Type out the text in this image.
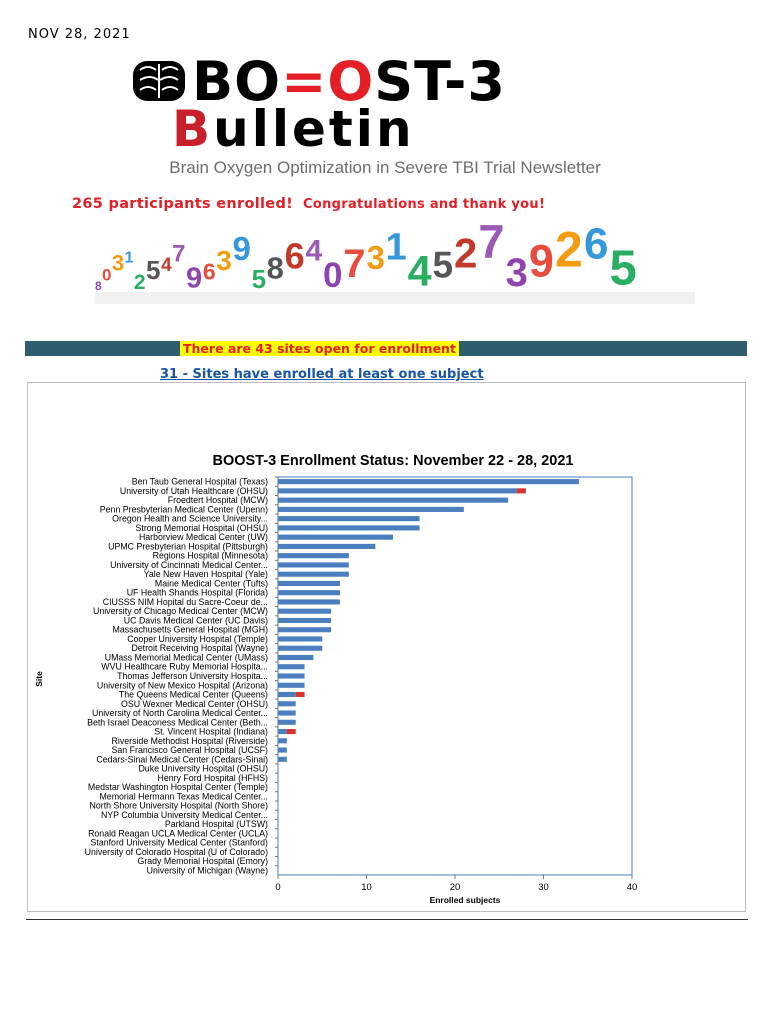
NOV 28, 2021
BO=OST-3
Bulletin
Brain Oxygen Optimization in Severe TBI Trial Newsletter
265 participants enrolled! Congratulations and thank you!
8
0 3 1
2 5 4 7
9 6 3 9
5 8 6 4
0 7 3 1
4 5 2 7
3 9 2 6 5
There are 43 sites open for enrollment
31 - Sites have enrolled at least one subject
BOOST-3 Enrollment Status: November 22 - 28, 2021
Ben Taub General Hospital (Texas)
University of Utah Healthcare (OHSU)
Froedtert Hospital (MCW)
Penn Presbyterian Medical Center (Upenn)
Oregon Health and Science University...
Strong Memorial Hospital (OHSU)
Harborview Medical Center (UW)
UPMC Presbyterian Hospital (Pittsburgh)
Regions Hospital (Minnesota)
University of Cincinnati Medical Center...
Yale New Haven Hospital (Yale)
Maine Medical Center (Tufts)
UF Health Shands Hospital (Florida)
CIUSSS NIM Hopital du Sacre-Coeur de...
University of Chicago Medical Center (MCW)
UC Davis Medical Center (UC Davis)
Massachusetts General Hospital (MGH)
Cooper University Hospital (Temple)
Detroit Receiving Hospital (Wayne)
UMass Memorial Medical Center (UMass)
WVU Healthcare Ruby Memorial Hospita...
Thomas Jefferson University Hospita...
University of New Mexico Hospital (Arizona)
The Queens Medical Center (Queens)
OSU Wexner Medical Center (OHSU)
University of North Carolina Medical Center...
Beth Israel Deaconess Medical Center (Beth...
St. Vincent Hospital (Indiana)
Riverside Methodist Hospital (Riverside)
San Francisco General Hospital (UCSF)
Cedars-Sinai Medical Center (Cedars-Sinai)
Duke University Hospital (OHSU)
Henry Ford Hospital (HFHS)
Medstar Washington Hospital Center (Temple)
Memorial Hermann Texas Medical Center...
North Shore University Hospital (North Shore)
NYP Columbia University Medical Center...
Parkland Hospital (UTSW)
Ronald Reagan UCLA Medical Center (UCLA)
Stanford University Medical Center (Stanford)
University of Colorado Hospital (U of Colorado)
Grady Memorial Hospital (Emory)
University of Michigan (Wayne)
0	10	20	30	40
Enrolled subjects
Site
